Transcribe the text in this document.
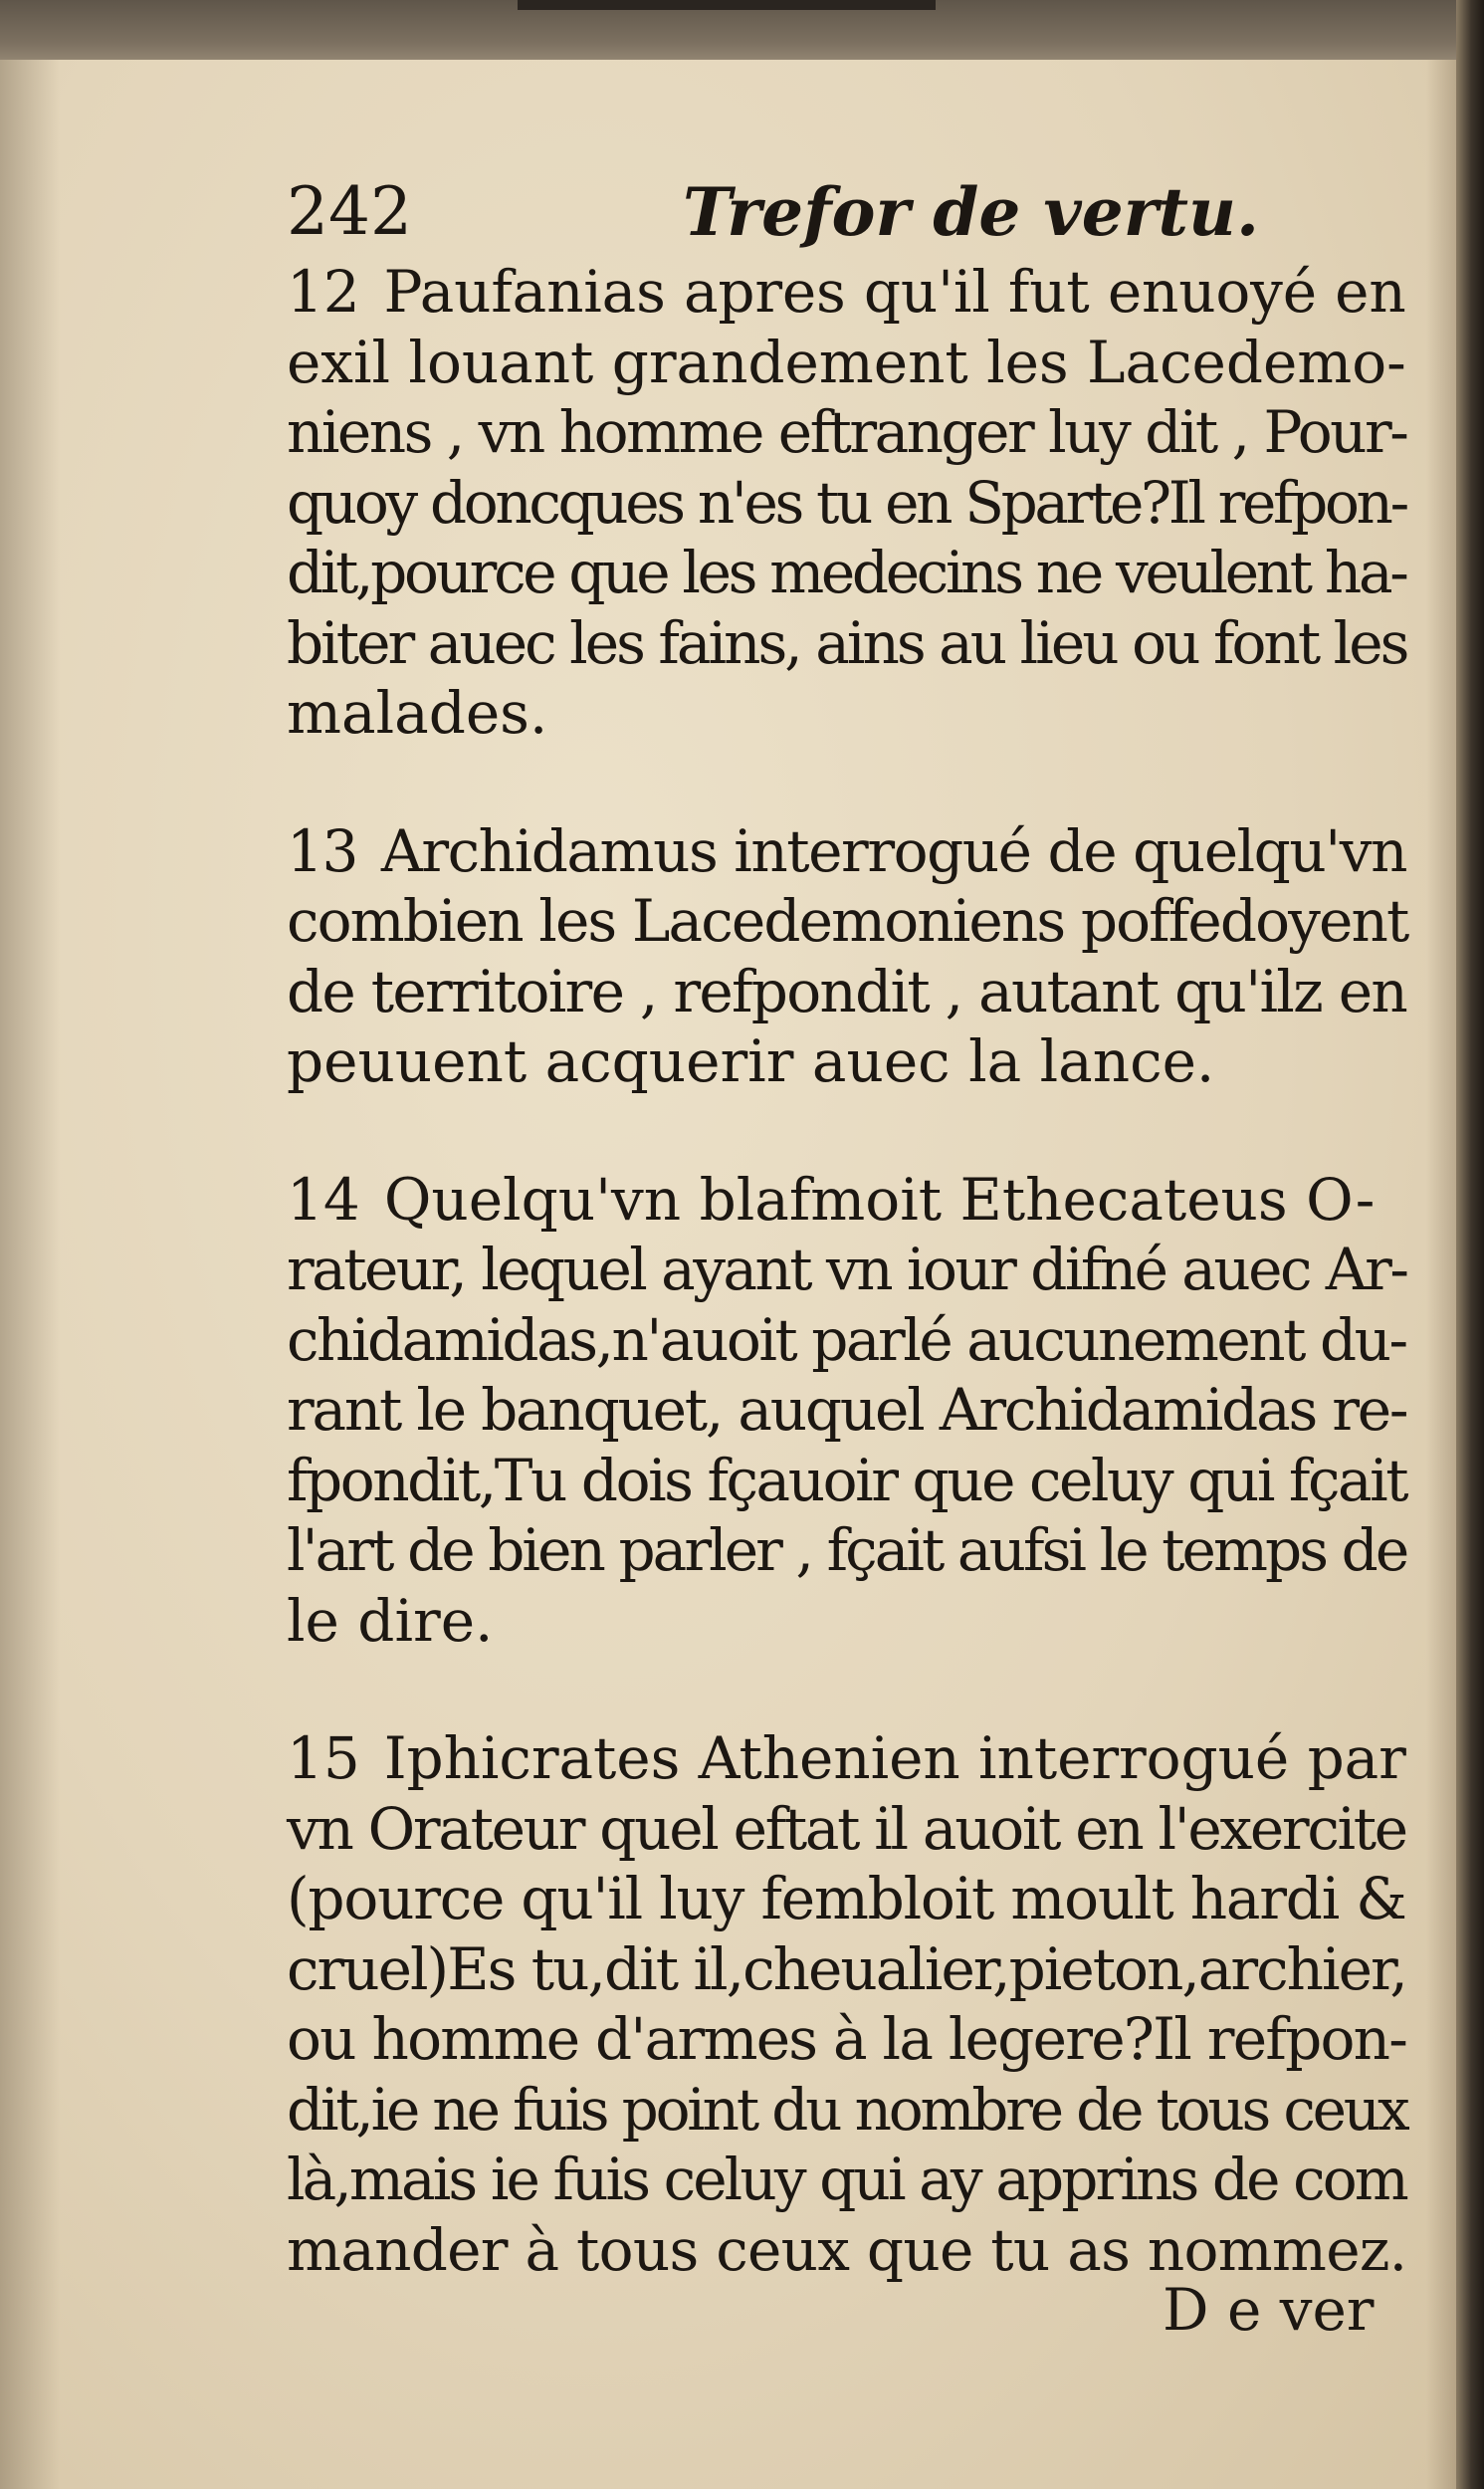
242	Trefor de vertu.

12 Paufanias apres qu'il fut enuoyé en
exil louant grandement les Lacedemo-
niens , vn homme eftranger luy dit , Pour-
quoy doncques n'es tu en Sparte?Il refpon-
dit,pource que les medecins ne veulent ha-
biter auec les fains, ains au lieu ou font les
malades.

13 Archidamus interrogué de quelqu'vn
combien les Lacedemoniens poffedoyent
de territoire , refpondit , autant qu'ilz en
peuuent acquerir auec la lance.

14 Quelqu'vn blafmoit Ethecateus O-
rateur, lequel ayant vn iour difné auec Ar-
chidamidas,n'auoit parlé aucunement du-
rant le banquet, auquel Archidamidas re-
fpondit,Tu dois fçauoir que celuy qui fçait
l'art de bien parler , fçait aufsi le temps de
le dire.

15 Iphicrates Athenien interrogué par
vn Orateur quel eftat il auoit en l'exercite
(pource qu'il luy fembloit moult hardi &
cruel)Es tu,dit il,cheualier,pieton,archier,
ou homme d'armes à la legere?Il refpon-
dit,ie ne fuis point du nombre de tous ceux
là,mais ie fuis celuy qui ay apprins de com
mander à tous ceux que tu as nommez.

D e ver
